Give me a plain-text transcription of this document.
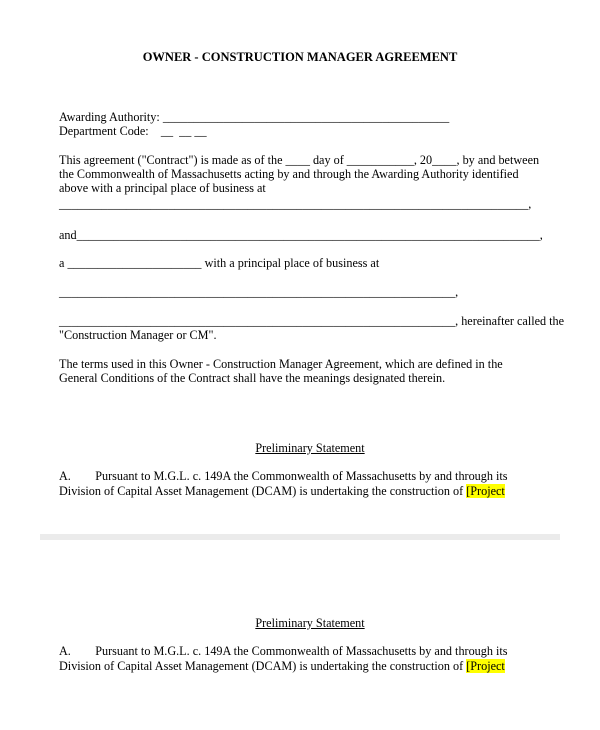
OWNER - CONSTRUCTION MANAGER AGREEMENT
Awarding Authority: _______________________________________________
Department Code:    __  __ __
This agreement ("Contract") is made as of the ____ day of ___________, 20____, by and between
the Commonwealth of Massachusetts acting by and through the Awarding Authority identified
above with a principal place of business at
_____________________________________________________________________________,
and____________________________________________________________________________,
a ______________________ with a principal place of business at
_________________________________________________________________,
_________________________________________________________________, hereinafter called the
"Construction Manager or CM".
The terms used in this Owner - Construction Manager Agreement, which are defined in the
General Conditions of the Contract shall have the meanings designated therein.
Preliminary Statement
A.        Pursuant to M.G.L. c. 149A the Commonwealth of Massachusetts by and through its
Division of Capital Asset Management (DCAM) is undertaking the construction of [Project
Preliminary Statement
A.        Pursuant to M.G.L. c. 149A the Commonwealth of Massachusetts by and through its
Division of Capital Asset Management (DCAM) is undertaking the construction of [Project
